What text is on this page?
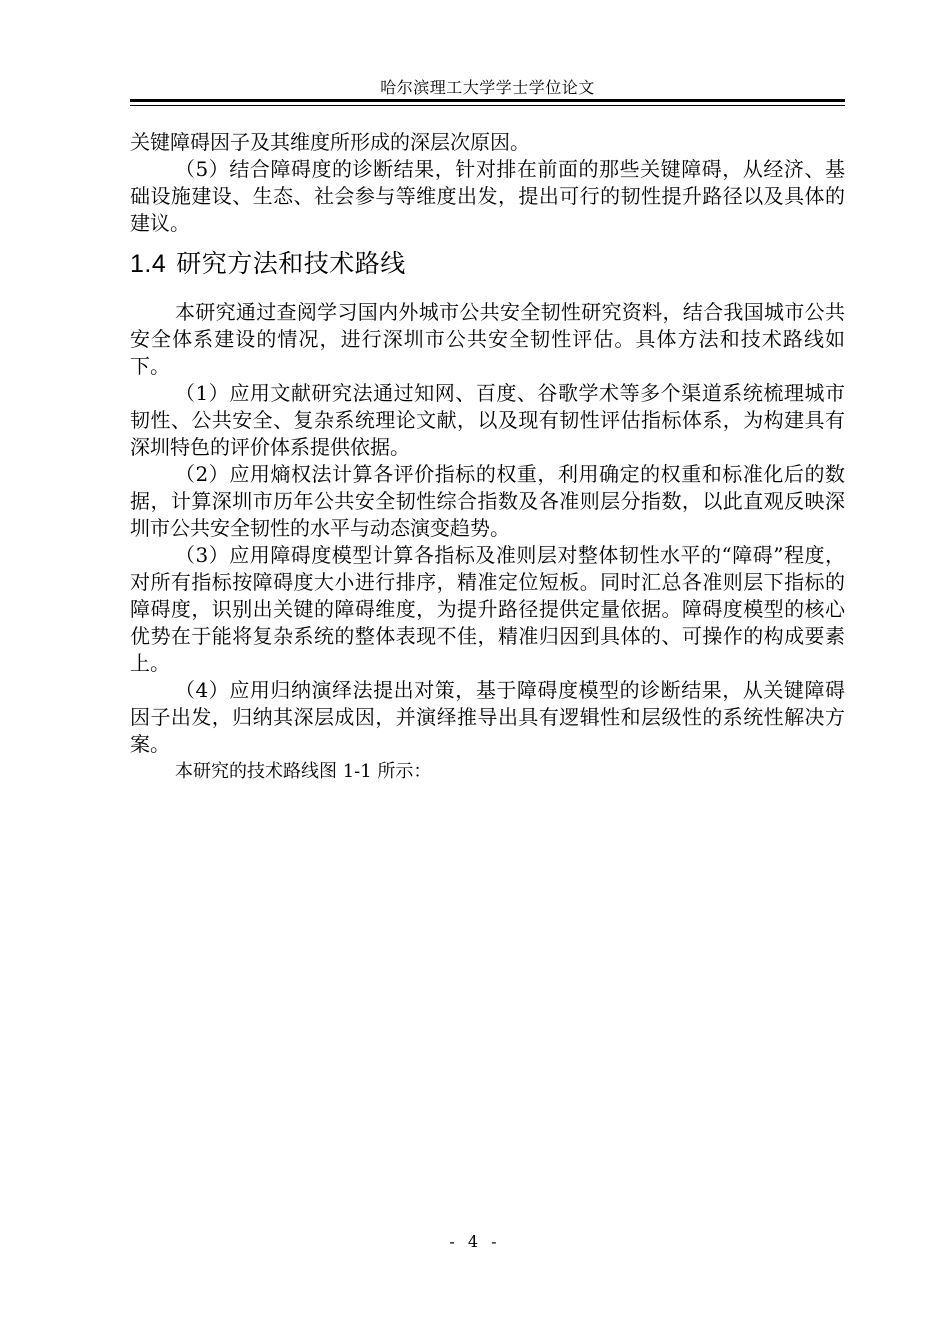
哈尔滨理工大学学士学位论文

关键障碍因子及其维度所形成的深层次原因。

（5）结合障碍度的诊断结果，针对排在前面的那些关键障碍，从经济、基础设施建设、生态、社会参与等维度出发，提出可行的韧性提升路径以及具体的建议。

1.4 研究方法和技术路线

本研究通过查阅学习国内外城市公共安全韧性研究资料，结合我国城市公共安全体系建设的情况，进行深圳市公共安全韧性评估。具体方法和技术路线如下。

（1）应用文献研究法通过知网、百度、谷歌学术等多个渠道系统梳理城市韧性、公共安全、复杂系统理论文献，以及现有韧性评估指标体系，为构建具有深圳特色的评价体系提供依据。

（2）应用熵权法计算各评价指标的权重，利用确定的权重和标准化后的数据，计算深圳市历年公共安全韧性综合指数及各准则层分指数，以此直观反映深圳市公共安全韧性的水平与动态演变趋势。

（3）应用障碍度模型计算各指标及准则层对整体韧性水平的“障碍”程度，对所有指标按障碍度大小进行排序，精准定位短板。同时汇总各准则层下指标的障碍度，识别出关键的障碍维度，为提升路径提供定量依据。障碍度模型的核心优势在于能将复杂系统的整体表现不佳，精准归因到具体的、可操作的构成要素上。

（4）应用归纳演绎法提出对策，基于障碍度模型的诊断结果，从关键障碍因子出发，归纳其深层成因，并演绎推导出具有逻辑性和层级性的系统性解决方案。

本研究的技术路线图 1-1 所示：

- 4 -
